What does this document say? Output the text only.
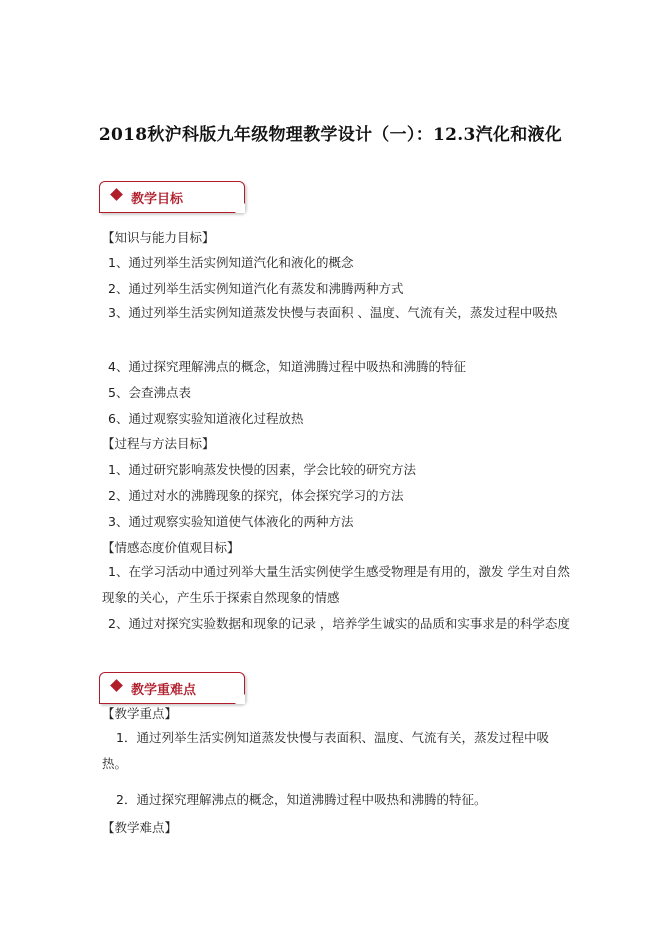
2018秋沪科版九年级物理教学设计（一）：12.3汽化和液化
教学目标
【知识与能力目标】
1、通过列举生活实例知道汽化和液化的概念
2、通过列举生活实例知道汽化有蒸发和沸腾两种方式
3、通过列举生活实例知道蒸发快慢与表面积 、温度、气流有关，蒸发过程中吸热
4、通过探究理解沸点的概念，知道沸腾过程中吸热和沸腾的特征
5、会查沸点表
6、通过观察实验知道液化过程放热
【过程与方法目标】
1、通过研究影响蒸发快慢的因素，学会比较的研究方法
2、通过对水的沸腾现象的探究，体会探究学习的方法
3、通过观察实验知道使气体液化的两种方法
【情感态度价值观目标】
1、在学习活动中通过列举大量生活实例使学生感受物理是有用的，激发 学生对自然现象的关心，产生乐于探索自然现象的情感
2、通过对探究实验数据和现象的记录 ，培养学生诚实的品质和实事求是的科学态度
教学重难点
【教学重点】
1．通过列举生活实例知道蒸发快慢与表面积、温度、气流有关，蒸发过程中吸热。
2．通过探究理解沸点的概念，知道沸腾过程中吸热和沸腾的特征。
【教学难点】
